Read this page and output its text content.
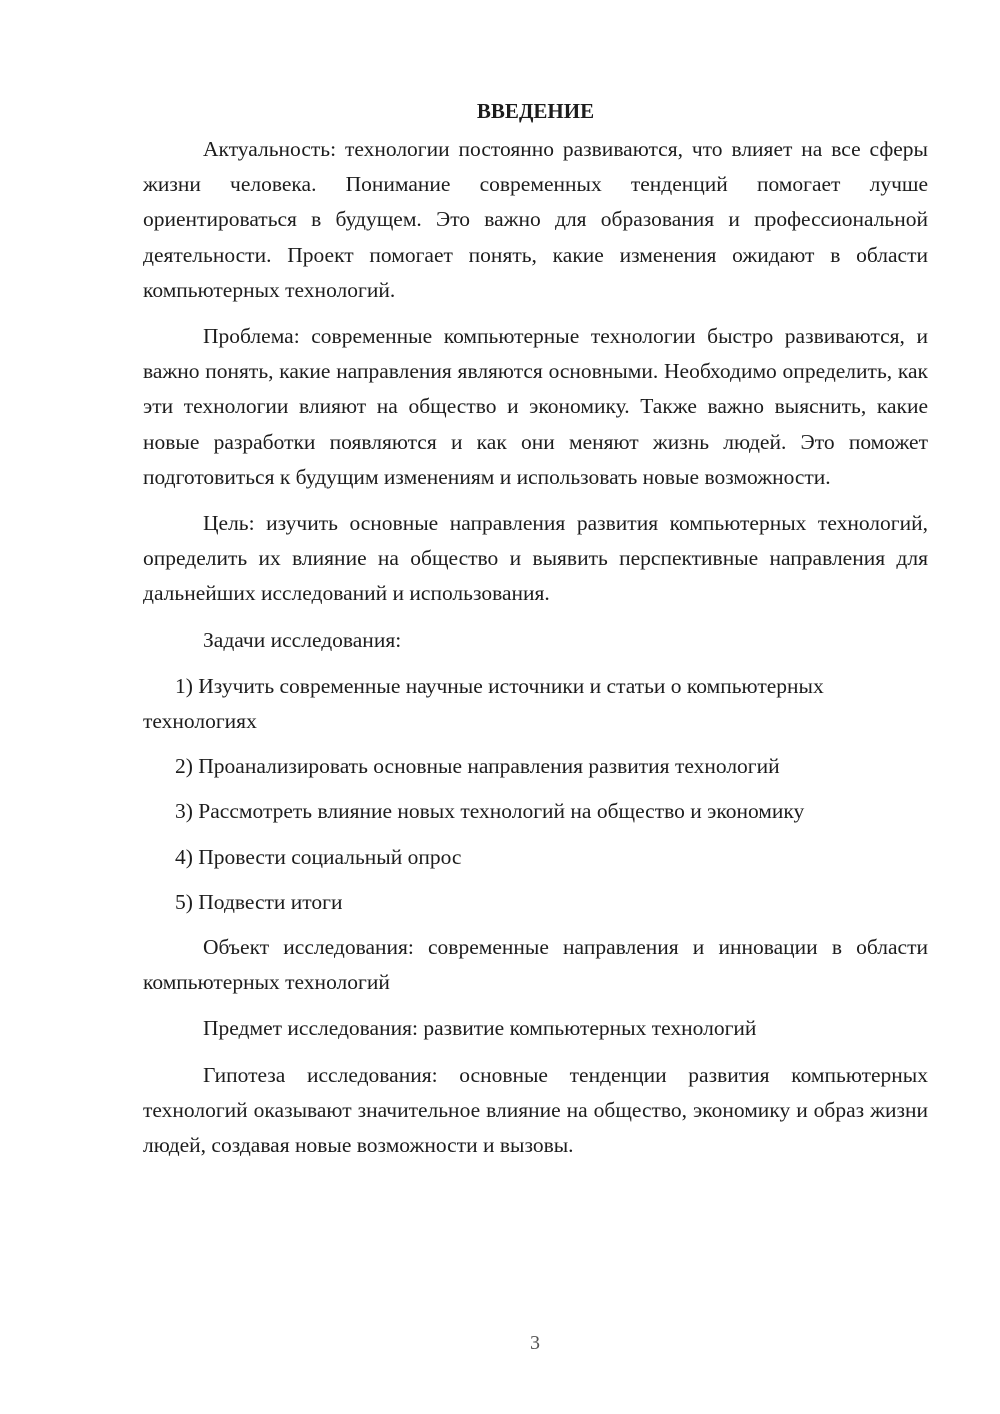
ВВЕДЕНИЕ

Актуальность: технологии постоянно развиваются, что влияет на все сферы жизни человека. Понимание современных тенденций помогает лучше ориентироваться в будущем. Это важно для образования и профессиональной деятельности. Проект помогает понять, какие изменения ожидают в области компьютерных технологий.

Проблема: современные компьютерные технологии быстро развиваются, и важно понять, какие направления являются основными. Необходимо определить, как эти технологии влияют на общество и экономику. Также важно выяснить, какие новые разработки появляются и как они меняют жизнь людей. Это поможет подготовиться к будущим изменениям и использовать новые возможности.

Цель: изучить основные направления развития компьютерных технологий, определить их влияние на общество и выявить перспективные направления для дальнейших исследований и использования.

Задачи исследования:

1) Изучить современные научные источники и статьи о компьютерных технологиях

2) Проанализировать основные направления развития технологий

3) Рассмотреть влияние новых технологий на общество и экономику

4) Провести социальный опрос

5) Подвести итоги

Объект исследования: современные направления и инновации в области компьютерных технологий

Предмет исследования: развитие компьютерных технологий

Гипотеза исследования: основные тенденции развития компьютерных технологий оказывают значительное влияние на общество, экономику и образ жизни людей, создавая новые возможности и вызовы.

3
